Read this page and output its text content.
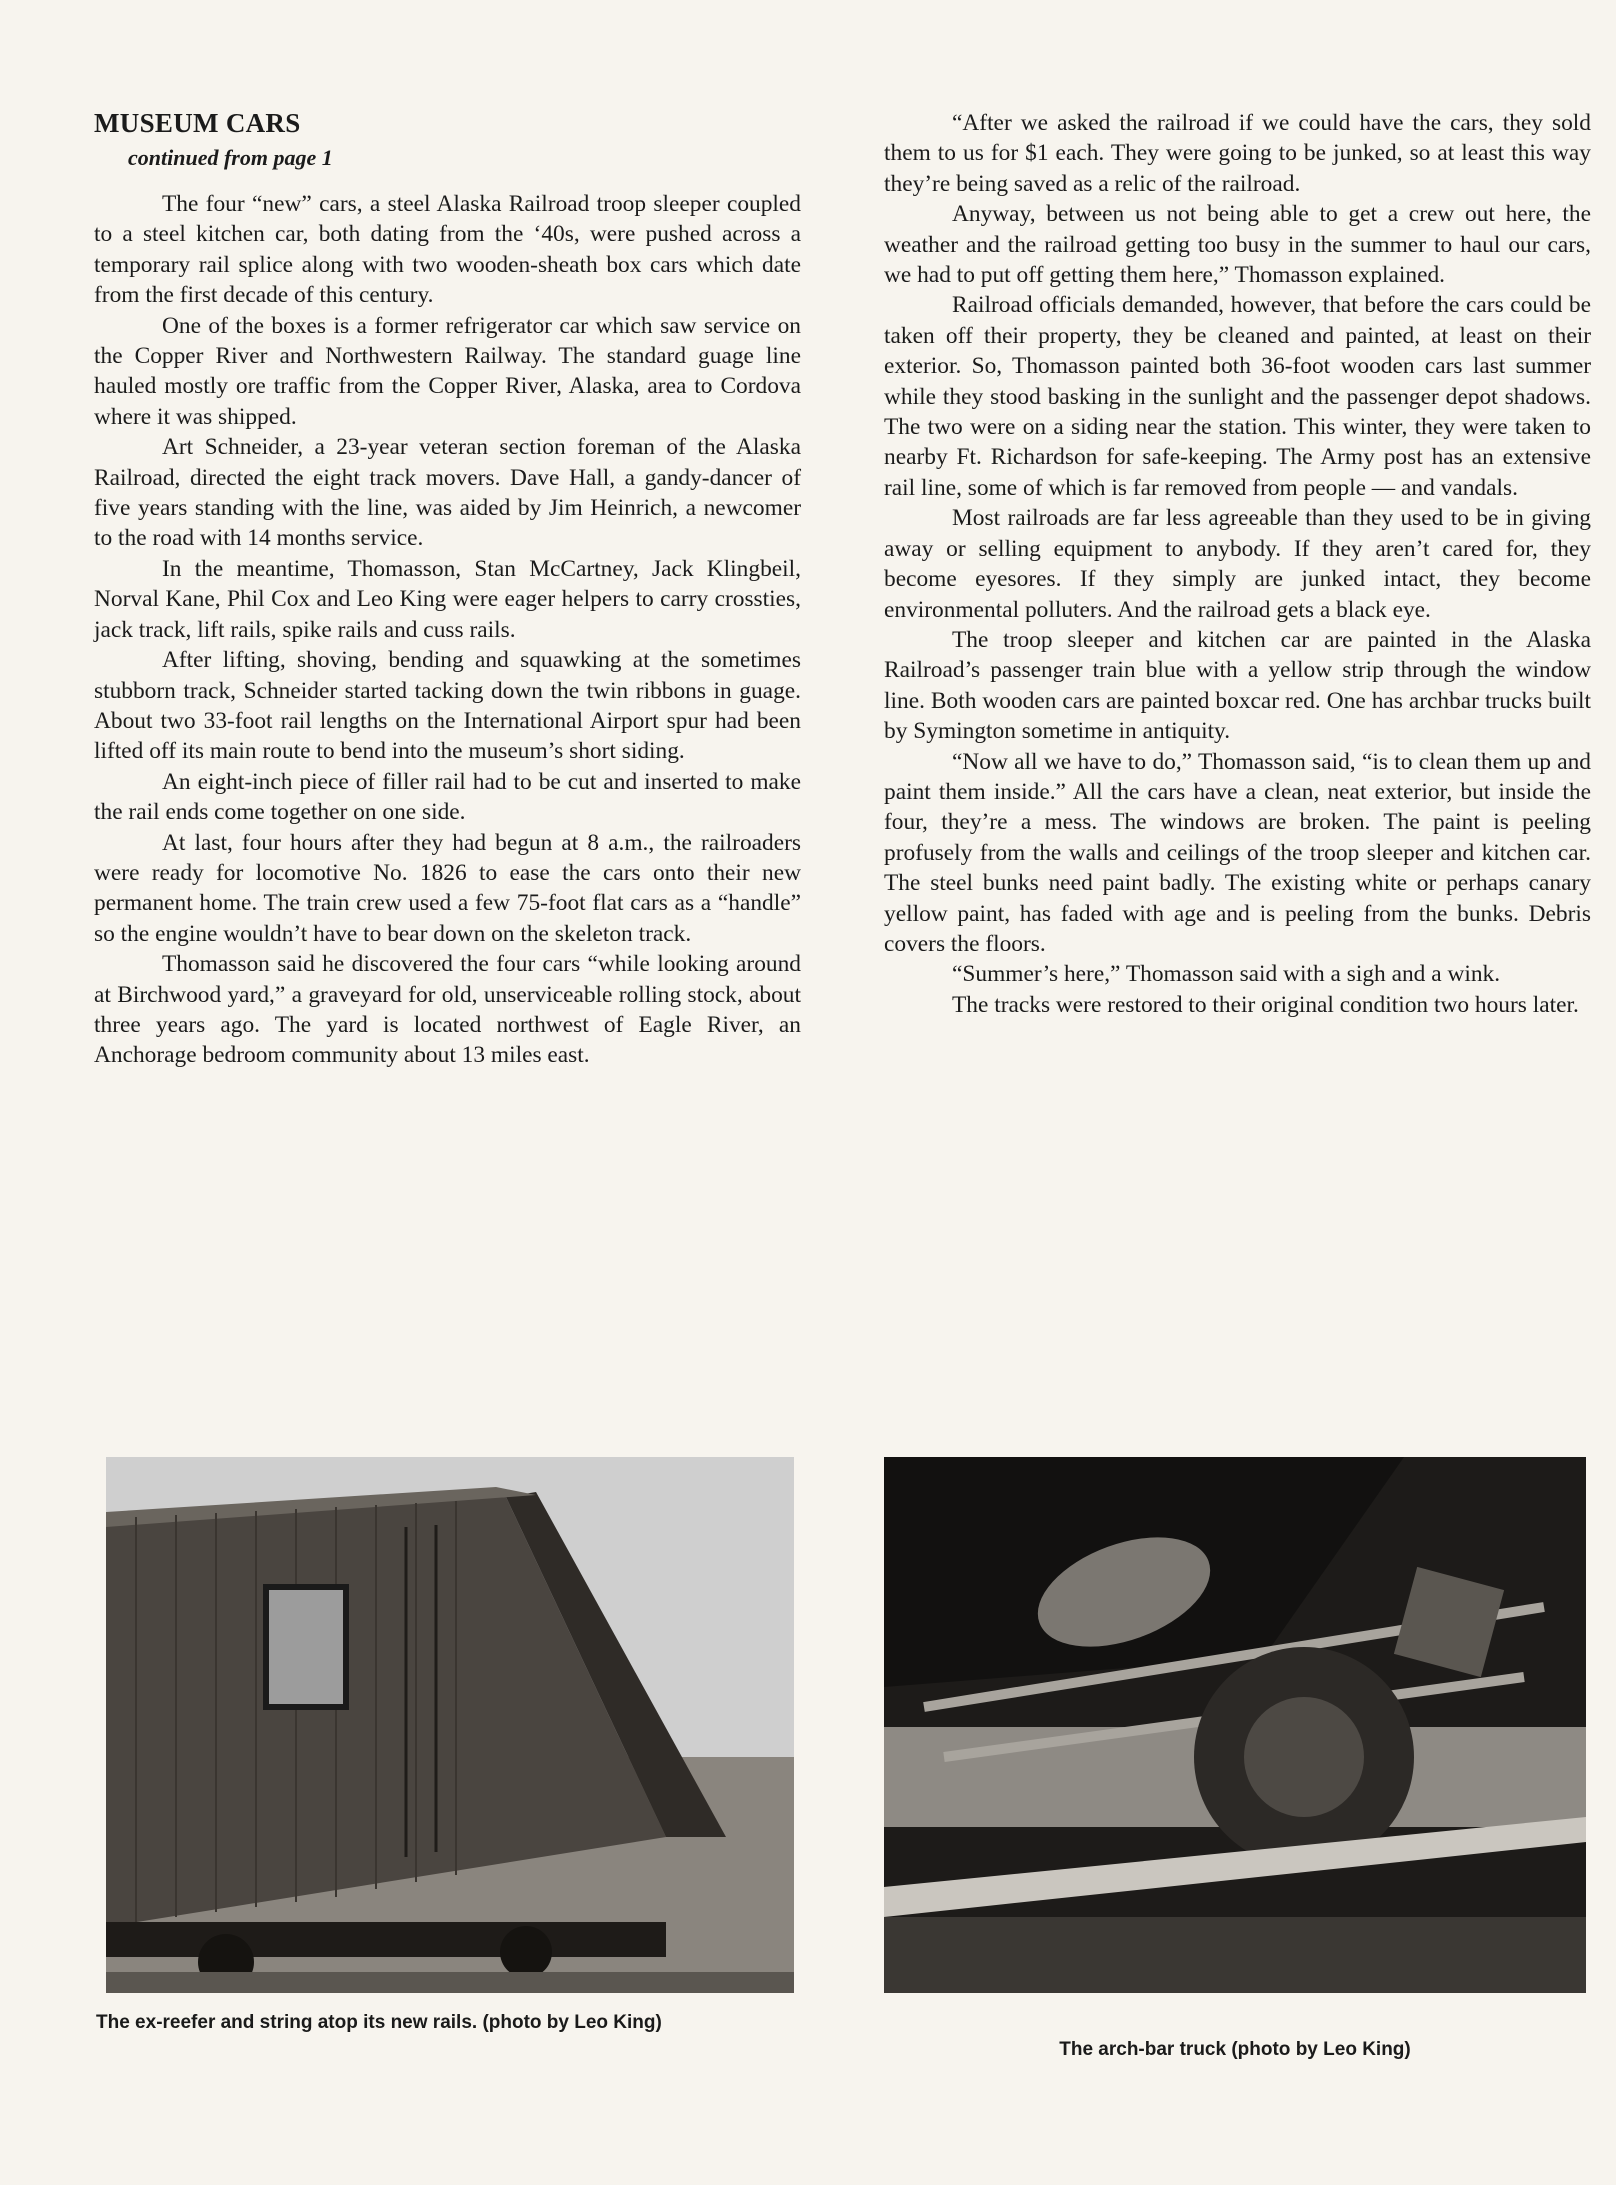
MUSEUM CARS
continued from page 1

The four “new” cars, a steel Alaska Railroad troop sleeper coupled to a steel kitchen car, both dating from the ‘40s, were pushed across a temporary rail splice along with two wooden-sheath box cars which date from the first decade of this century.

One of the boxes is a former refrigerator car which saw service on the Copper River and Northwestern Railway. The standard guage line hauled mostly ore traffic from the Copper River, Alaska, area to Cordova where it was shipped.

Art Schneider, a 23-year veteran section foreman of the Alaska Railroad, directed the eight track movers. Dave Hall, a gandy-dancer of five years standing with the line, was aided by Jim Heinrich, a newcomer to the road with 14 months service.

In the meantime, Thomasson, Stan McCartney, Jack Klingbeil, Norval Kane, Phil Cox and Leo King were eager helpers to carry crossties, jack track, lift rails, spike rails and cuss rails.

After lifting, shoving, bending and squawking at the sometimes stubborn track, Schneider started tacking down the twin ribbons in guage. About two 33-foot rail lengths on the International Airport spur had been lifted off its main route to bend into the museum’s short siding.

An eight-inch piece of filler rail had to be cut and inserted to make the rail ends come together on one side.

At last, four hours after they had begun at 8 a.m., the railroaders were ready for locomotive No. 1826 to ease the cars onto their new permanent home. The train crew used a few 75-foot flat cars as a “handle” so the engine wouldn’t have to bear down on the skeleton track.

Thomasson said he discovered the four cars “while looking around at Birchwood yard,” a graveyard for old, unserviceable rolling stock, about three years ago. The yard is located northwest of Eagle River, an Anchorage bedroom community about 13 miles east.

“After we asked the railroad if we could have the cars, they sold them to us for $1 each. They were going to be junked, so at least this way they’re being saved as a relic of the railroad.

Anyway, between us not being able to get a crew out here, the weather and the railroad getting too busy in the summer to haul our cars, we had to put off getting them here,” Thomasson explained.

Railroad officials demanded, however, that before the cars could be taken off their property, they be cleaned and painted, at least on their exterior. So, Thomasson painted both 36-foot wooden cars last summer while they stood basking in the sunlight and the passenger depot shadows. The two were on a siding near the station. This winter, they were taken to nearby Ft. Richardson for safe-keeping. The Army post has an extensive rail line, some of which is far removed from people — and vandals.

Most railroads are far less agreeable than they used to be in giving away or selling equipment to anybody. If they aren’t cared for, they become eyesores. If they simply are junked intact, they become environmental polluters. And the railroad gets a black eye.

The troop sleeper and kitchen car are painted in the Alaska Railroad’s passenger train blue with a yellow strip through the window line. Both wooden cars are painted boxcar red. One has archbar trucks built by Symington sometime in antiquity.

“Now all we have to do,” Thomasson said, “is to clean them up and paint them inside.” All the cars have a clean, neat exterior, but inside the four, they’re a mess. The windows are broken. The paint is peeling profusely from the walls and ceilings of the troop sleeper and kitchen car. The steel bunks need paint badly. The existing white or perhaps canary yellow paint, has faded with age and is peeling from the bunks. Debris covers the floors.

“Summer’s here,” Thomasson said with a sigh and a wink.

The tracks were restored to their original condition two hours later.

The ex-reefer and string atop its new rails. (photo by Leo King)
The arch-bar truck (photo by Leo King)
